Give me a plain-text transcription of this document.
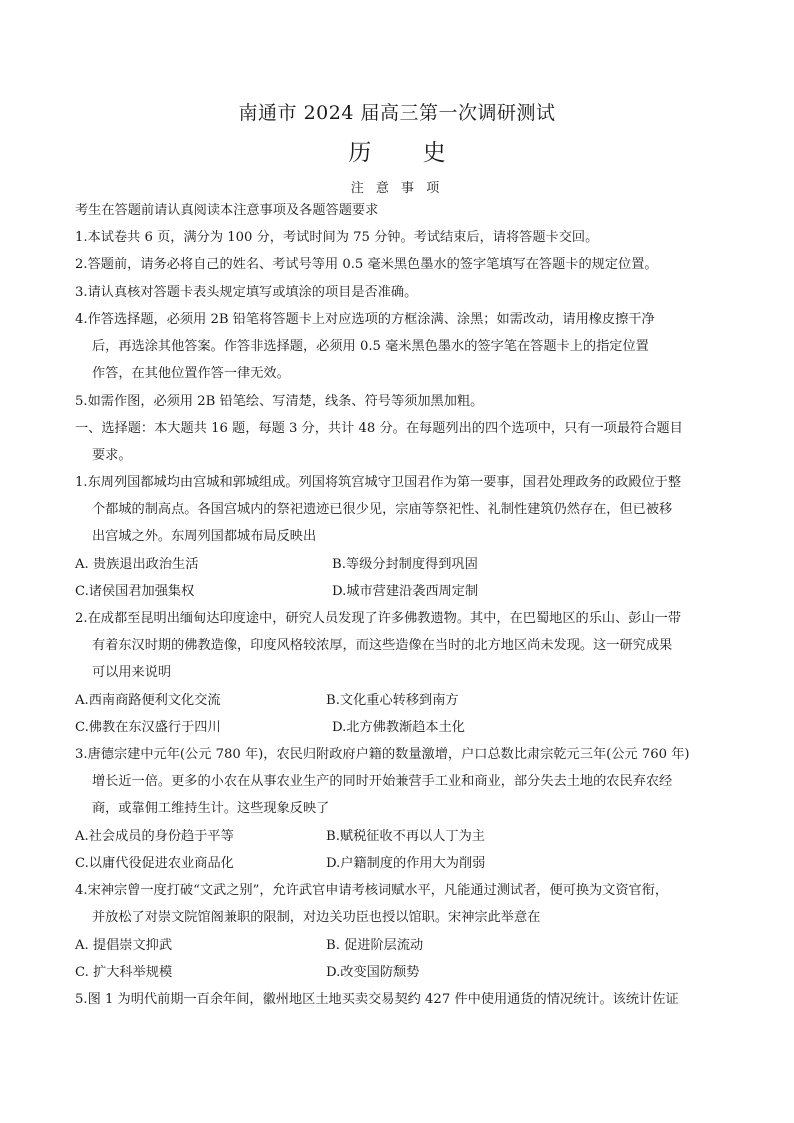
南通市 2024 届高三第一次调研测试
历 史
注 意 事 项
考生在答题前请认真阅读本注意事项及各题答题要求
1.本试卷共 6 页，满分为 100 分，考试时间为 75 分钟。考试结束后，请将答题卡交回。
2.答题前，请务必将自己的姓名、考试号等用 0.5 毫米黑色墨水的签字笔填写在答题卡的规定位置。
3.请认真核对答题卡表头规定填写或填涂的项目是否准确。
4.作答选择题，必须用 2B 铅笔将答题卡上对应选项的方框涂满、涂黑；如需改动，请用橡皮擦干净
后，再选涂其他答案。作答非选择题，必须用 0.5 毫米黑色墨水的签字笔在答题卡上的指定位置
作答，在其他位置作答一律无效。
5.如需作图，必须用 2B 铅笔绘、写清楚，线条、符号等须加黑加粗。
一、选择题：本大题共 16 题，每题 3 分，共计 48 分。在每题列出的四个选项中，只有一项最符合题目
要求。
1.东周列国都城均由宫城和郭城组成。列国将筑宫城守卫国君作为第一要事，国君处理政务的政殿位于整
个都城的制高点。各国宫城内的祭祀遗迹已很少见，宗庙等祭祀性、礼制性建筑仍然存在，但已被移
出宫城之外。东周列国都城布局反映出
A. 贵族退出政治生活	B.等级分封制度得到巩固
C.诸侯国君加强集权	D.城市营建沿袭西周定制
2.在成都至昆明出缅甸达印度途中，研究人员发现了许多佛教遗物。其中，在巴蜀地区的乐山、彭山一带
有着东汉时期的佛教造像，印度风格较浓厚，而这些造像在当时的北方地区尚未发现。这一研究成果
可以用来说明
A.西南商路便利文化交流	B.文化重心转移到南方
C.佛教在东汉盛行于四川	D.北方佛教渐趋本土化
3.唐德宗建中元年(公元 780 年)，农民归附政府户籍的数量激增，户口总数比肃宗乾元三年(公元 760 年)
增长近一倍。更多的小农在从事农业生产的同时开始兼营手工业和商业，部分失去土地的农民弃农经
商，或靠佣工维持生计。这些现象反映了
A.社会成员的身份趋于平等	B.赋税征收不再以人丁为主
C.以庸代役促进农业商品化	D.户籍制度的作用大为削弱
4.宋神宗曾一度打破“文武之别”，允许武官申请考核词赋水平，凡能通过测试者，便可换为文资官衔，
并放松了对崇文院馆阁兼职的限制，对边关功臣也授以馆职。宋神宗此举意在
A. 提倡崇文抑武	B. 促进阶层流动
C. 扩大科举规模	D.改变国防颓势
5.图 1 为明代前期一百余年间，徽州地区土地买卖交易契约 427 件中使用通货的情况统计。该统计佐证
